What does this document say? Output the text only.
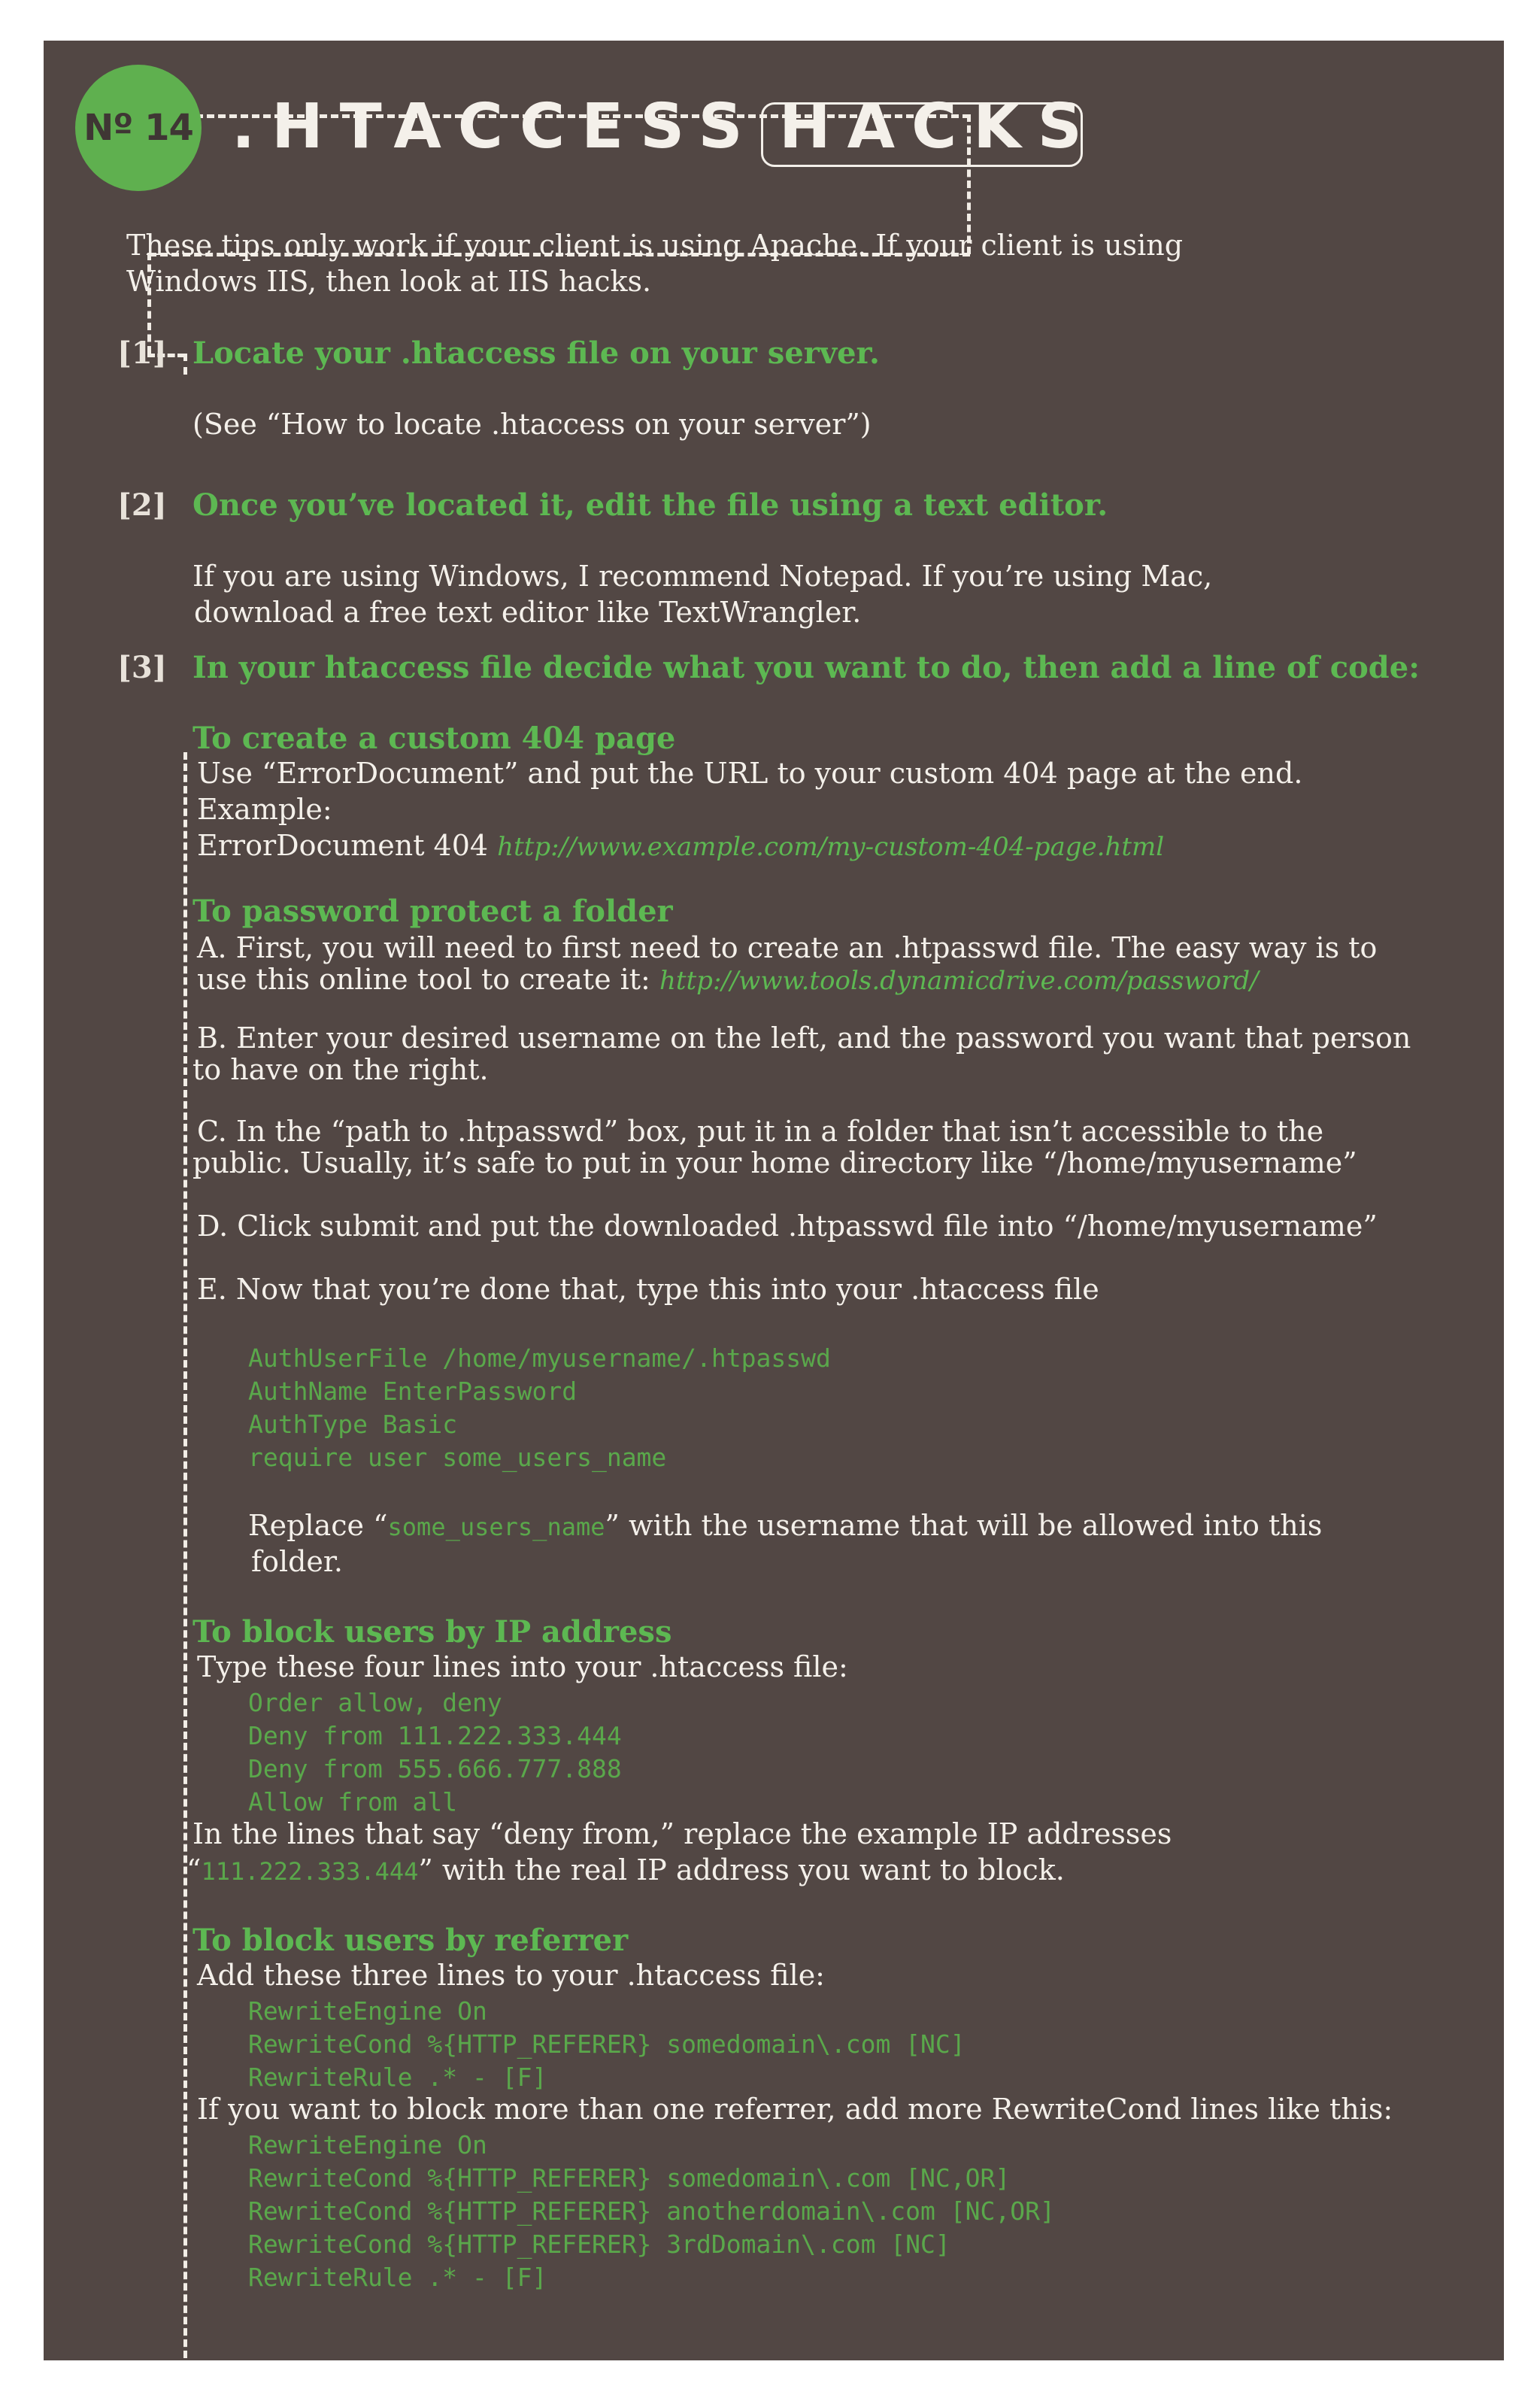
Nº 14 .HTACCESS HACKS
These tips only work if your client is using Apache. If your client is using
Windows IIS, then look at IIS hacks.
[1] Locate your .htaccess file on your server.
(See “How to locate .htaccess on your server”)
[2] Once you’ve located it, edit the file using a text editor.
If you are using Windows, I recommend Notepad. If you’re using Mac,
download a free text editor like TextWrangler.
[3] In your htaccess file decide what you want to do, then add a line of code:
To create a custom 404 page
Use “ErrorDocument” and put the URL to your custom 404 page at the end.
Example:
ErrorDocument 404 http://www.example.com/my-custom-404-page.html
To password protect a folder
A. First, you will need to first need to create an .htpasswd file. The easy way is to
use this online tool to create it: http://www.tools.dynamicdrive.com/password/
B. Enter your desired username on the left, and the password you want that person
to have on the right.
C. In the “path to .htpasswd” box, put it in a folder that isn’t accessible to the
public. Usually, it’s safe to put in your home directory like “/home/myusername”
D. Click submit and put the downloaded .htpasswd file into “/home/myusername”
E. Now that you’re done that, type this into your .htaccess file
AuthUserFile /home/myusername/.htpasswd
AuthName EnterPassword
AuthType Basic
require user some_users_name
Replace “some_users_name” with the username that will be allowed into this
folder.
To block users by IP address
Type these four lines into your .htaccess file:
Order allow, deny
Deny from 111.222.333.444
Deny from 555.666.777.888
Allow from all
In the lines that say “deny from,” replace the example IP addresses
“111.222.333.444” with the real IP address you want to block.
To block users by referrer
Add these three lines to your .htaccess file:
RewriteEngine On
RewriteCond %{HTTP_REFERER} somedomain\.com [NC]
RewriteRule .* - [F]
If you want to block more than one referrer, add more RewriteCond lines like this:
RewriteEngine On
RewriteCond %{HTTP_REFERER} somedomain\.com [NC,OR]
RewriteCond %{HTTP_REFERER} anotherdomain\.com [NC,OR]
RewriteCond %{HTTP_REFERER} 3rdDomain\.com [NC]
RewriteRule .* - [F]
